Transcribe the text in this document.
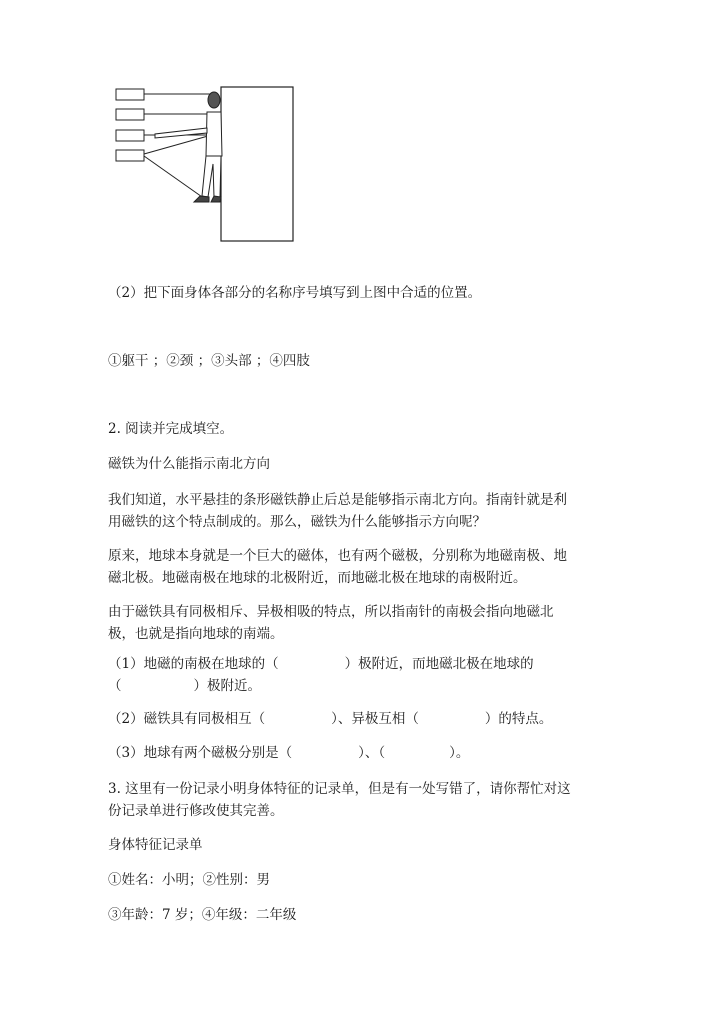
（2）把下面身体各部分的名称序号填写到上图中合适的位置。
①躯干 ；②颈 ；③头部 ；④四肢
2. 阅读并完成填空。
磁铁为什么能指示南北方向
我们知道，水平悬挂的条形磁铁静止后总是能够指示南北方向。指南针就是利
用磁铁的这个特点制成的。那么，磁铁为什么能够指示方向呢？
原来，地球本身就是一个巨大的磁体，也有两个磁极，分别称为地磁南极、地
磁北极。地磁南极在地球的北极附近，而地磁北极在地球的南极附近。
由于磁铁具有同极相斥、异极相吸的特点，所以指南针的南极会指向地磁北
极，也就是指向地球的南端。
（1）地磁的南极在地球的（	）极附近，而地磁北极在地球的
（	）极附近。
（2）磁铁具有同极相互（	）、异极互相（	）的特点。
（3）地球有两个磁极分别是（	）、（	）。
3. 这里有一份记录小明身体特征的记录单，但是有一处写错了，请你帮忙对这
份记录单进行修改使其完善。
身体特征记录单
①姓名：小明；②性别：男
③年龄：7 岁；④年级：二年级
